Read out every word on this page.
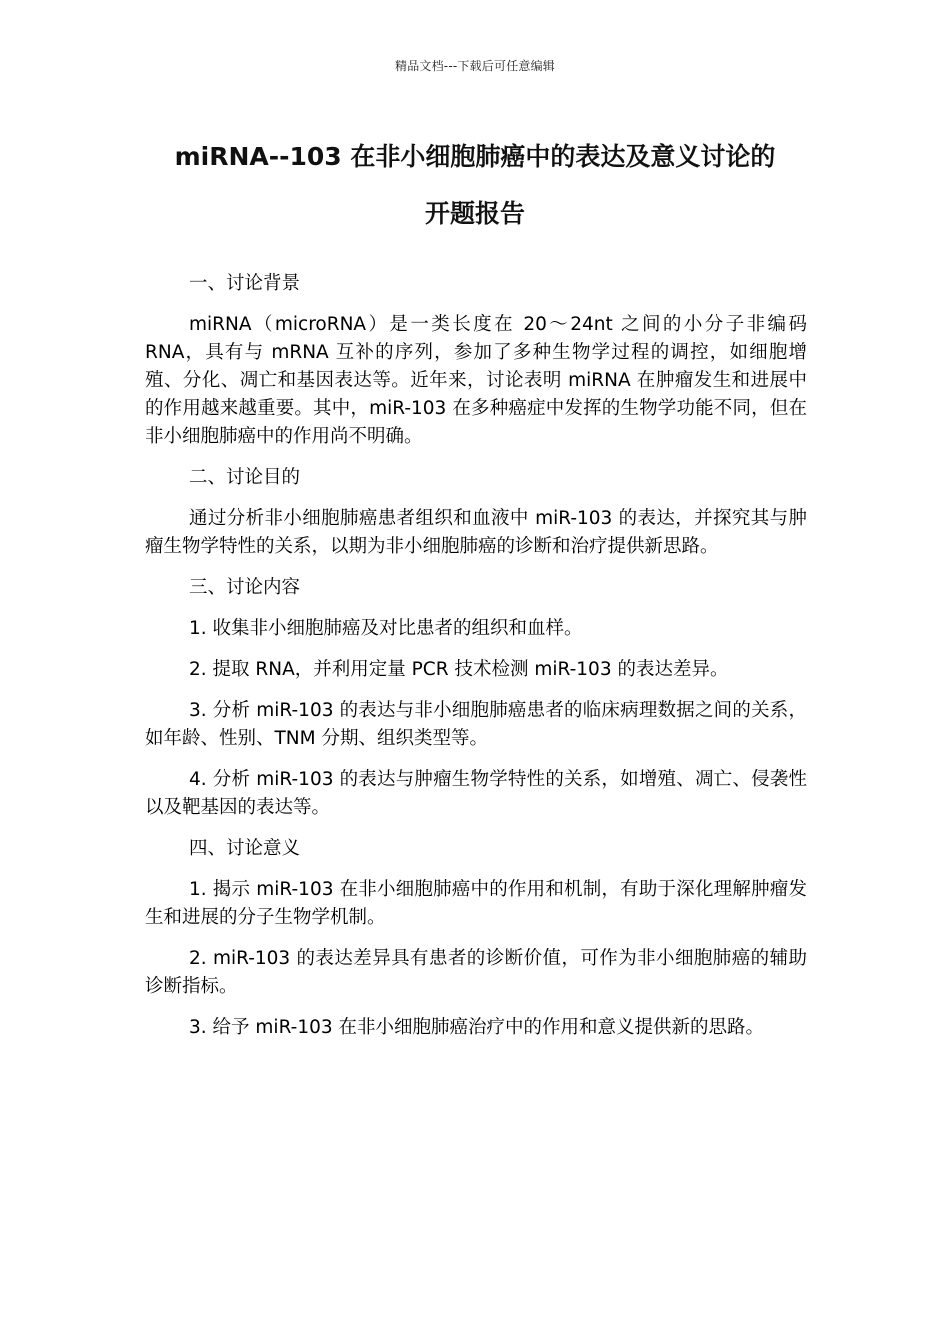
精品文档---下载后可任意编辑
miRNA--103 在非小细胞肺癌中的表达及意义讨论的
开题报告

一、讨论背景

miRNA（microRNA）是一类长度在 20～24nt 之间的小分子非编码 RNA，具有与 mRNA 互补的序列，参加了多种生物学过程的调控，如细胞增殖、分化、凋亡和基因表达等。近年来，讨论表明 miRNA 在肿瘤发生和进展中的作用越来越重要。其中，miR-103 在多种癌症中发挥的生物学功能不同，但在非小细胞肺癌中的作用尚不明确。

二、讨论目的

通过分析非小细胞肺癌患者组织和血液中 miR-103 的表达，并探究其与肿瘤生物学特性的关系，以期为非小细胞肺癌的诊断和治疗提供新思路。

三、讨论内容

1. 收集非小细胞肺癌及对比患者的组织和血样。

2. 提取 RNA，并利用定量 PCR 技术检测 miR-103 的表达差异。

3. 分析 miR-103 的表达与非小细胞肺癌患者的临床病理数据之间的关系，如年龄、性别、TNM 分期、组织类型等。

4. 分析 miR-103 的表达与肿瘤生物学特性的关系，如增殖、凋亡、侵袭性以及靶基因的表达等。

四、讨论意义

1. 揭示 miR-103 在非小细胞肺癌中的作用和机制，有助于深化理解肿瘤发生和进展的分子生物学机制。

2. miR-103 的表达差异具有患者的诊断价值，可作为非小细胞肺癌的辅助诊断指标。

3. 给予 miR-103 在非小细胞肺癌治疗中的作用和意义提供新的思路。
